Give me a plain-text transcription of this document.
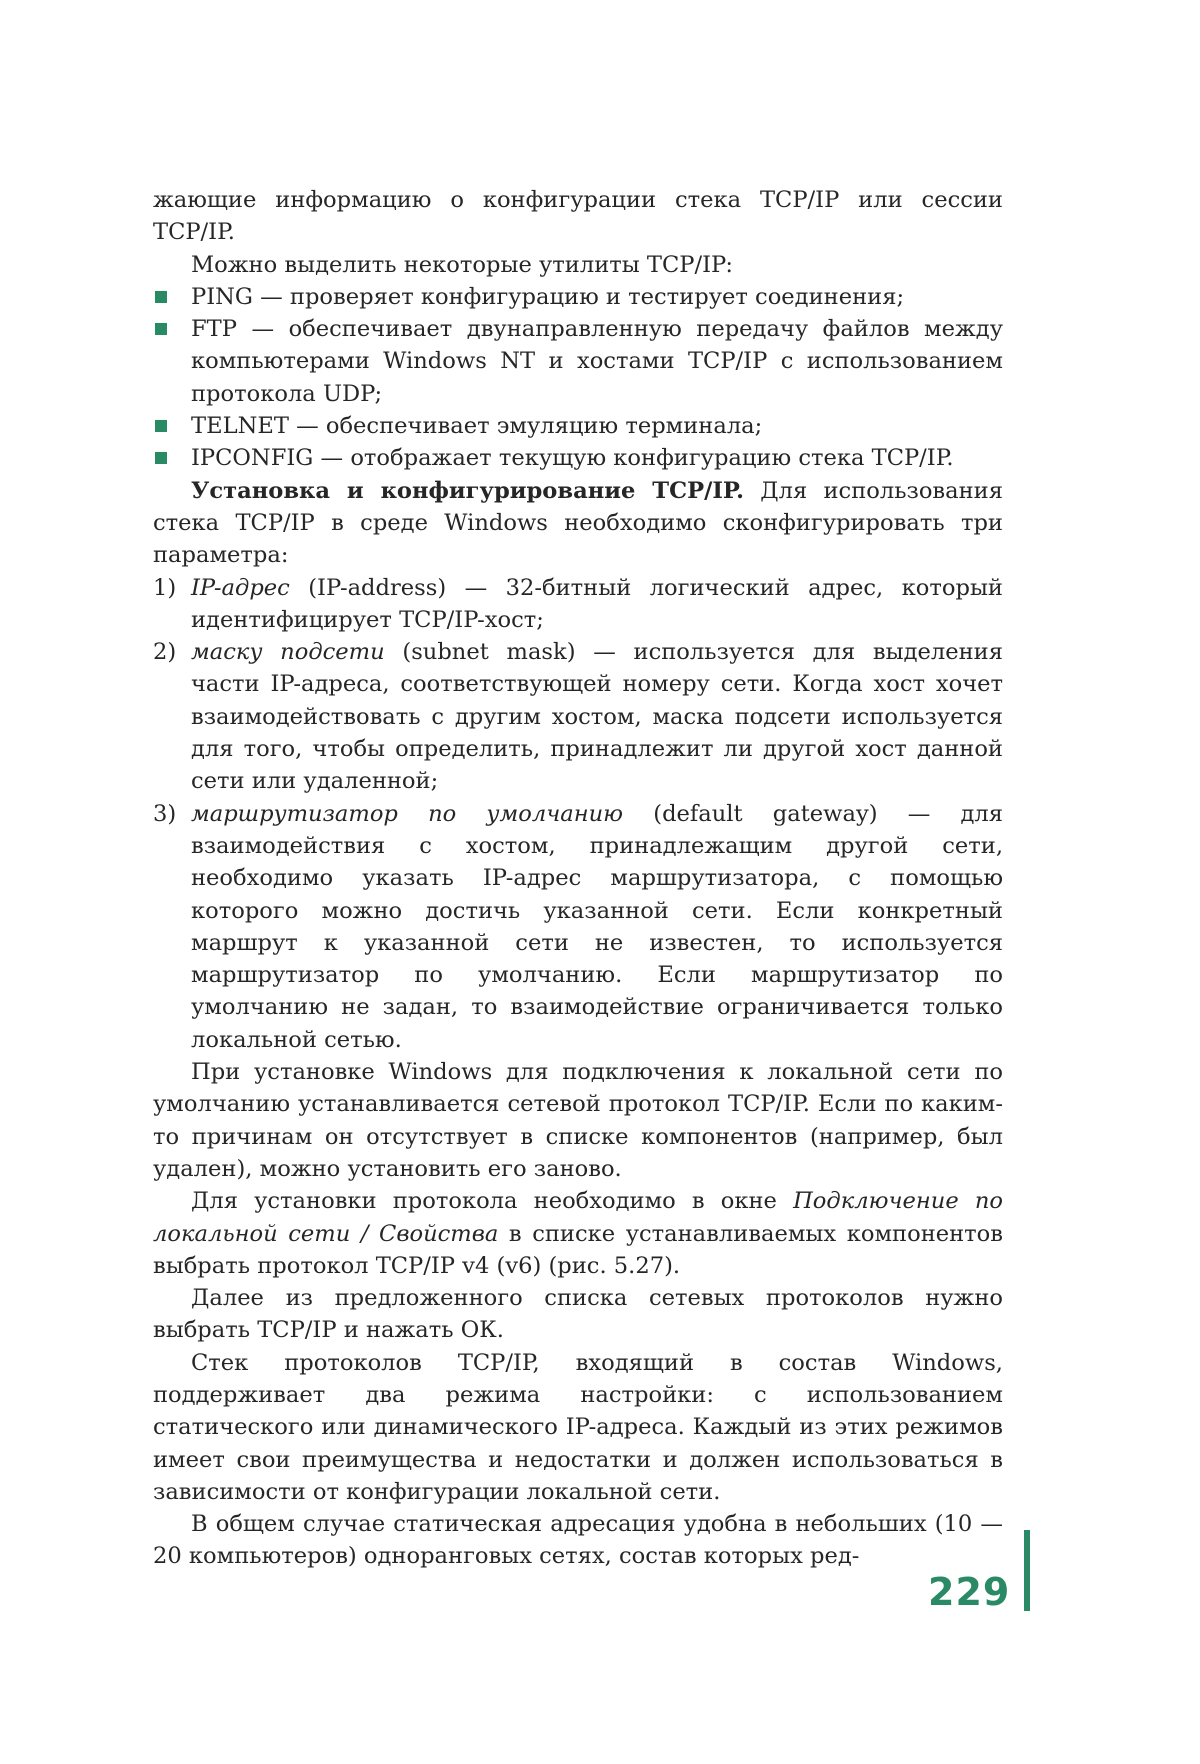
жающие информацию о конфигурации стека TCP/IP или сессии TCP/IP.

Можно выделить некоторые утилиты TCP/IP:

PING — проверяет конфигурацию и тестирует соединения;
FTP — обеспечивает двунаправленную передачу файлов между компьютерами Windows NT и хостами TCP/IP с использованием протокола UDP;
TELNET — обеспечивает эмуляцию терминала;
IPCONFIG — отображает текущую конфигурацию стека TCP/IP.

Установка и конфигурирование TCP/IP. Для использования стека TCP/IP в среде Windows необходимо сконфигурировать три параметра:

1) IP-адрес (IP-address) — 32-битный логический адрес, который идентифицирует TCP/IP-хост;
2) маску подсети (subnet mask) — используется для выделения части IP-адреса, соответствующей номеру сети. Когда хост хочет взаимодействовать с другим хостом, маска подсети используется для того, чтобы определить, принадлежит ли другой хост данной сети или удаленной;
3) маршрутизатор по умолчанию (default gateway) — для взаимодействия с хостом, принадлежащим другой сети, необходимо указать IP-адрес маршрутизатора, с помощью которого можно достичь указанной сети. Если конкретный маршрут к указанной сети не известен, то используется маршрутизатор по умолчанию. Если маршрутизатор по умолчанию не задан, то взаимодействие ограничивается только локальной сетью.

При установке Windows для подключения к локальной сети по умолчанию устанавливается сетевой протокол TCP/IP. Если по каким-то причинам он отсутствует в списке компонентов (например, был удален), можно установить его заново.

Для установки протокола необходимо в окне Подключение по локальной сети / Свойства в списке устанавливаемых компонентов выбрать протокол TCP/IP v4 (v6) (рис. 5.27).

Далее из предложенного списка сетевых протоколов нужно выбрать TCP/IP и нажать ОК.

Стек протоколов TCP/IP, входящий в состав Windows, поддерживает два режима настройки: с использованием статического или динамического IP-адреса. Каждый из этих режимов имеет свои преимущества и недостатки и должен использоваться в зависимости от конфигурации локальной сети.

В общем случае статическая адресация удобна в небольших (10 — 20 компьютеров) одноранговых сетях, состав которых ред-

229
